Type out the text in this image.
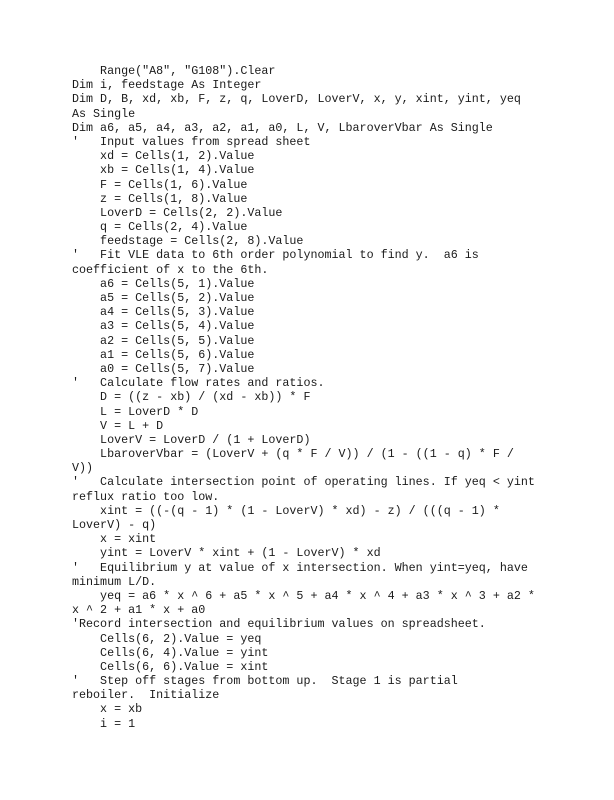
Range("A8", "G108").Clear
Dim i, feedstage As Integer
Dim D, B, xd, xb, F, z, q, LoverD, LoverV, x, y, xint, yint, yeq
As Single
Dim a6, a5, a4, a3, a2, a1, a0, L, V, LbaroverVbar As Single
'   Input values from spread sheet
xd = Cells(1, 2).Value
xb = Cells(1, 4).Value
F = Cells(1, 6).Value
z = Cells(1, 8).Value
LoverD = Cells(2, 2).Value
q = Cells(2, 4).Value
feedstage = Cells(2, 8).Value
'   Fit VLE data to 6th order polynomial to find y.  a6 is
coefficient of x to the 6th.
a6 = Cells(5, 1).Value
a5 = Cells(5, 2).Value
a4 = Cells(5, 3).Value
a3 = Cells(5, 4).Value
a2 = Cells(5, 5).Value
a1 = Cells(5, 6).Value
a0 = Cells(5, 7).Value
'   Calculate flow rates and ratios.
D = ((z - xb) / (xd - xb)) * F
L = LoverD * D
V = L + D
LoverV = LoverD / (1 + LoverD)
LbaroverVbar = (LoverV + (q * F / V)) / (1 - ((1 - q) * F /
V))
'   Calculate intersection point of operating lines. If yeq < yint
reflux ratio too low.
xint = ((-(q - 1) * (1 - LoverV) * xd) - z) / (((q - 1) *
LoverV) - q)
x = xint
yint = LoverV * xint + (1 - LoverV) * xd
'   Equilibrium y at value of x intersection. When yint=yeq, have
minimum L/D.
yeq = a6 * x ^ 6 + a5 * x ^ 5 + a4 * x ^ 4 + a3 * x ^ 3 + a2 *
x ^ 2 + a1 * x + a0
'Record intersection and equilibrium values on spreadsheet.
Cells(6, 2).Value = yeq
Cells(6, 4).Value = yint
Cells(6, 6).Value = xint
'   Step off stages from bottom up.  Stage 1 is partial
reboiler.  Initialize
x = xb
i = 1
